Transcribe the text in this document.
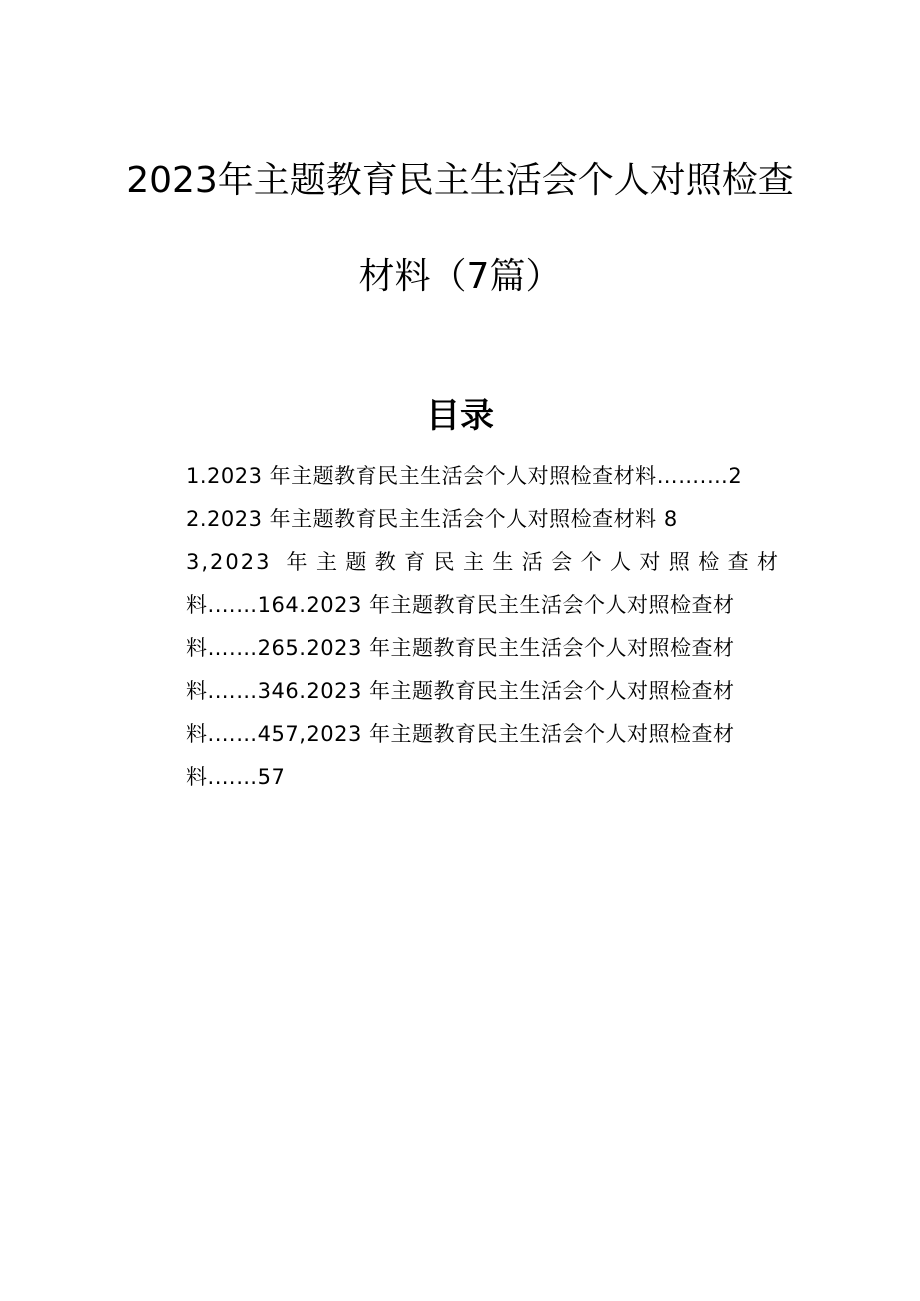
2023年主题教育民主生活会个人对照检查
材料（7篇）
目录
1.2023 年主题教育民主生活会个人对照检查材料…….…2
2.2023 年主题教育民主生活会个人对照检查材料 8
3,2023 年主题教育民主生活会个人对照检查材
料.……164.2023 年主题教育民主生活会个人对照检查材
料….…265.2023 年主题教育民主生活会个人对照检查材
料.……346.2023 年主题教育民主生活会个人对照检查材
料.……457,2023 年主题教育民主生活会个人对照检查材
料.……57
